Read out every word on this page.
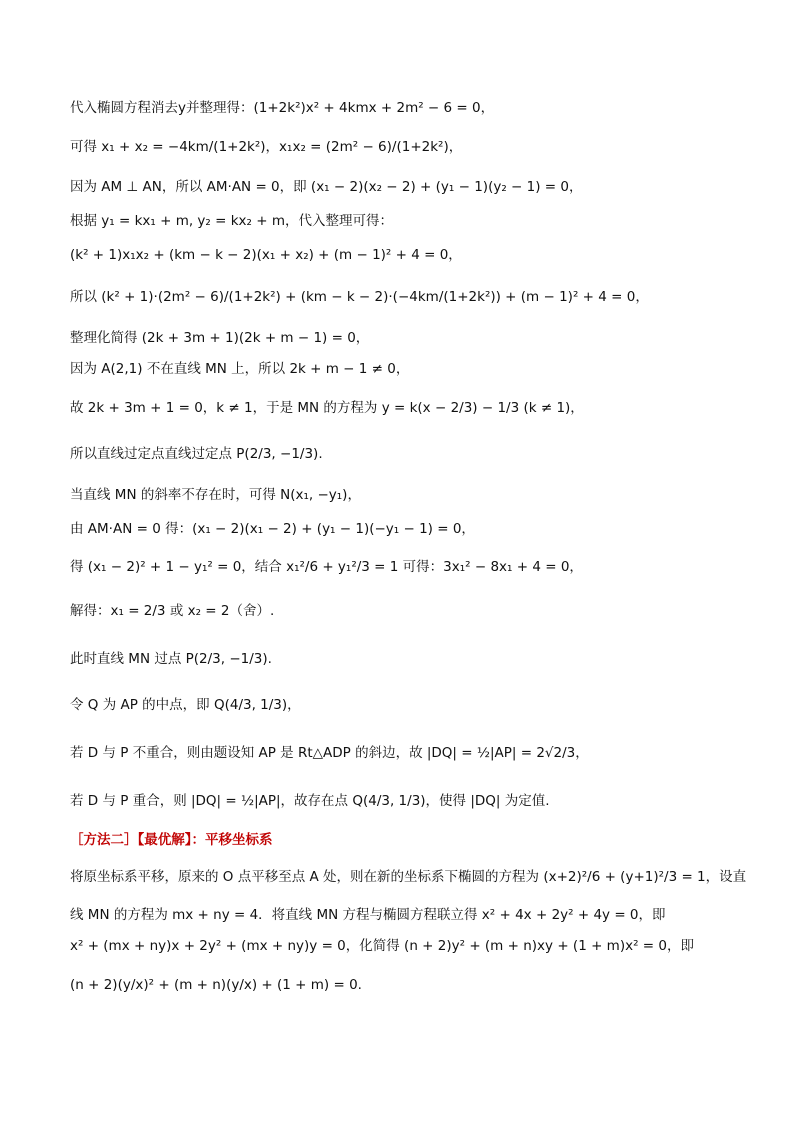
代入椭圆方程消去y并整理得：(1+2k²)x² + 4kmx + 2m² − 6 = 0，
可得 x₁ + x₂ = −4km/(1+2k²)，x₁x₂ = (2m² − 6)/(1+2k²)，
因为 AM ⊥ AN，所以 AM·AN = 0，即 (x₁ − 2)(x₂ − 2) + (y₁ − 1)(y₂ − 1) = 0，
根据 y₁ = kx₁ + m, y₂ = kx₂ + m，代入整理可得：
(k² + 1)x₁x₂ + (km − k − 2)(x₁ + x₂) + (m − 1)² + 4 = 0，
所以 (k² + 1)·(2m² − 6)/(1+2k²) + (km − k − 2)·(−4km/(1+2k²)) + (m − 1)² + 4 = 0，
整理化简得 (2k + 3m + 1)(2k + m − 1) = 0，
因为 A(2,1) 不在直线 MN 上，所以 2k + m − 1 ≠ 0，
故 2k + 3m + 1 = 0，k ≠ 1，于是 MN 的方程为 y = k(x − 2/3) − 1/3 (k ≠ 1)，
所以直线过定点直线过定点 P(2/3, −1/3).
当直线 MN 的斜率不存在时，可得 N(x₁, −y₁)，
由 AM·AN = 0 得：(x₁ − 2)(x₁ − 2) + (y₁ − 1)(−y₁ − 1) = 0，
得 (x₁ − 2)² + 1 − y₁² = 0，结合 x₁²/6 + y₁²/3 = 1 可得：3x₁² − 8x₁ + 4 = 0，
解得：x₁ = 2/3 或 x₂ = 2（舍）.
此时直线 MN 过点 P(2/3, −1/3).
令 Q 为 AP 的中点，即 Q(4/3, 1/3)，
若 D 与 P 不重合，则由题设知 AP 是 Rt△ADP 的斜边，故 |DQ| = ½|AP| = 2√2/3，
若 D 与 P 重合，则 |DQ| = ½|AP|，故存在点 Q(4/3, 1/3)，使得 |DQ| 为定值.
［方法二］【最优解】：平移坐标系
将原坐标系平移，原来的 O 点平移至点 A 处，则在新的坐标系下椭圆的方程为 (x+2)²/6 + (y+1)²/3 = 1，设直
线 MN 的方程为 mx + ny = 4．将直线 MN 方程与椭圆方程联立得 x² + 4x + 2y² + 4y = 0，即
x² + (mx + ny)x + 2y² + (mx + ny)y = 0，化简得 (n + 2)y² + (m + n)xy + (1 + m)x² = 0，即
(n + 2)(y/x)² + (m + n)(y/x) + (1 + m) = 0.
